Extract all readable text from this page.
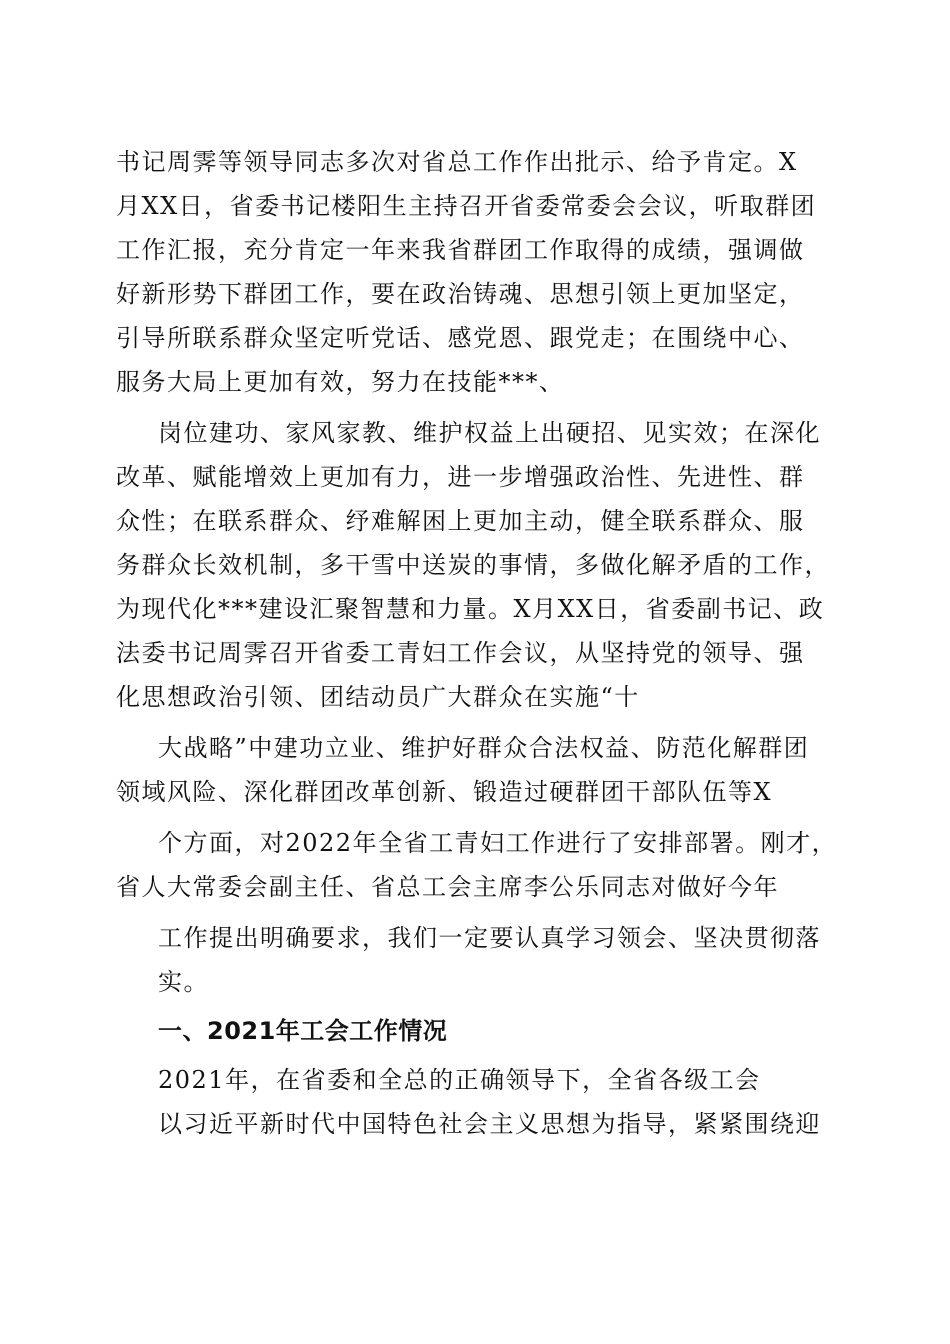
书记周霁等领导同志多次对省总工作作出批示、给予肯定。X
月XX日，省委书记楼阳生主持召开省委常委会会议，听取群团
工作汇报，充分肯定一年来我省群团工作取得的成绩，强调做
好新形势下群团工作，要在政治铸魂、思想引领上更加坚定，
引导所联系群众坚定听党话、感党恩、跟党走；在围绕中心、
服务大局上更加有效，努力在技能***、
岗位建功、家风家教、维护权益上出硬招、见实效；在深化
改革、赋能增效上更加有力，进一步增强政治性、先进性、群
众性；在联系群众、纾难解困上更加主动，健全联系群众、服
务群众长效机制，多干雪中送炭的事情，多做化解矛盾的工作，
为现代化***建设汇聚智慧和力量。X月XX日，省委副书记、政
法委书记周霁召开省委工青妇工作会议，从坚持党的领导、强
化思想政治引领、团结动员广大群众在实施“十
大战略”中建功立业、维护好群众合法权益、防范化解群团
领域风险、深化群团改革创新、锻造过硬群团干部队伍等X
个方面，对2022年全省工青妇工作进行了安排部署。刚才，
省人大常委会副主任、省总工会主席李公乐同志对做好今年
工作提出明确要求，我们一定要认真学习领会、坚决贯彻落
实。
一、2021年工会工作情况
2021年，在省委和全总的正确领导下，全省各级工会
以习近平新时代中国特色社会主义思想为指导，紧紧围绕迎
